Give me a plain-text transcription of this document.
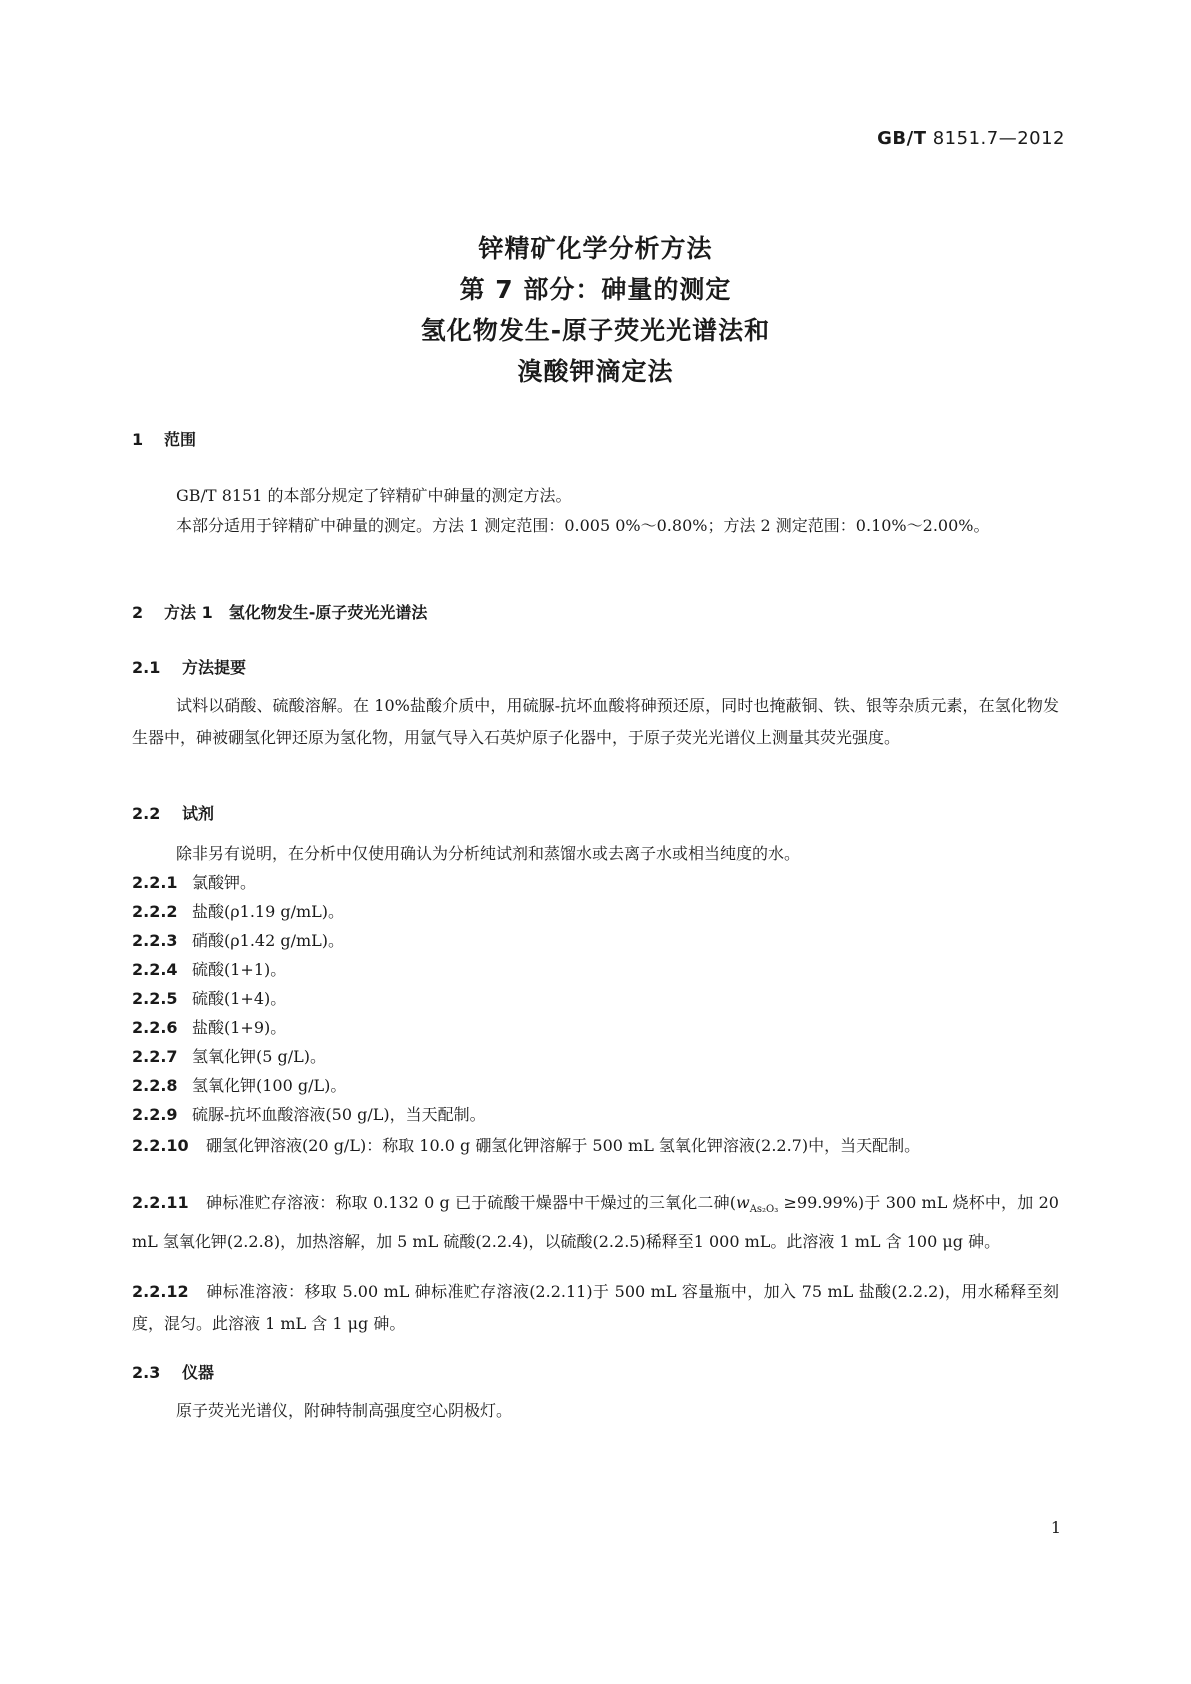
GB/T 8151.7—2012
锌精矿化学分析方法
第 7 部分：砷量的测定
氢化物发生-原子荧光光谱法和
溴酸钾滴定法
1 范围
GB/T 8151 的本部分规定了锌精矿中砷量的测定方法。
本部分适用于锌精矿中砷量的测定。方法 1 测定范围：0.005 0%～0.80%；方法 2 测定范围：0.10%～2.00%。
2 方法 1　氢化物发生-原子荧光光谱法
2.1 方法提要
试料以硝酸、硫酸溶解。在 10%盐酸介质中，用硫脲-抗坏血酸将砷预还原，同时也掩蔽铜、铁、银等杂质元素，在氢化物发生器中，砷被硼氢化钾还原为氢化物，用氩气导入石英炉原子化器中，于原子荧光光谱仪上测量其荧光强度。
2.2 试剂
除非另有说明，在分析中仅使用确认为分析纯试剂和蒸馏水或去离子水或相当纯度的水。
2.2.1 氯酸钾。
2.2.2 盐酸(ρ1.19 g/mL)。
2.2.3 硝酸(ρ1.42 g/mL)。
2.2.4 硫酸(1+1)。
2.2.5 硫酸(1+4)。
2.2.6 盐酸(1+9)。
2.2.7 氢氧化钾(5 g/L)。
2.2.8 氢氧化钾(100 g/L)。
2.2.9 硫脲-抗坏血酸溶液(50 g/L)，当天配制。
2.2.10 硼氢化钾溶液(20 g/L)：称取 10.0 g 硼氢化钾溶解于 500 mL 氢氧化钾溶液(2.2.7)中，当天配制。
2.2.11 砷标准贮存溶液：称取 0.132 0 g 已于硫酸干燥器中干燥过的三氧化二砷$(w_{As_2O_3} \ge 99.99\%)$于 300 mL 烧杯中，加 20 mL 氢氧化钾(2.2.8)，加热溶解，加 5 mL 硫酸(2.2.4)，以硫酸(2.2.5)稀释至1 000 mL。此溶液 1 mL 含 100 μg 砷。
2.2.12 砷标准溶液：移取 5.00 mL 砷标准贮存溶液(2.2.11)于 500 mL 容量瓶中，加入 75 mL 盐酸(2.2.2)，用水稀释至刻度，混匀。此溶液 1 mL 含 1 μg 砷。
2.3 仪器
原子荧光光谱仪，附砷特制高强度空心阴极灯。
1
